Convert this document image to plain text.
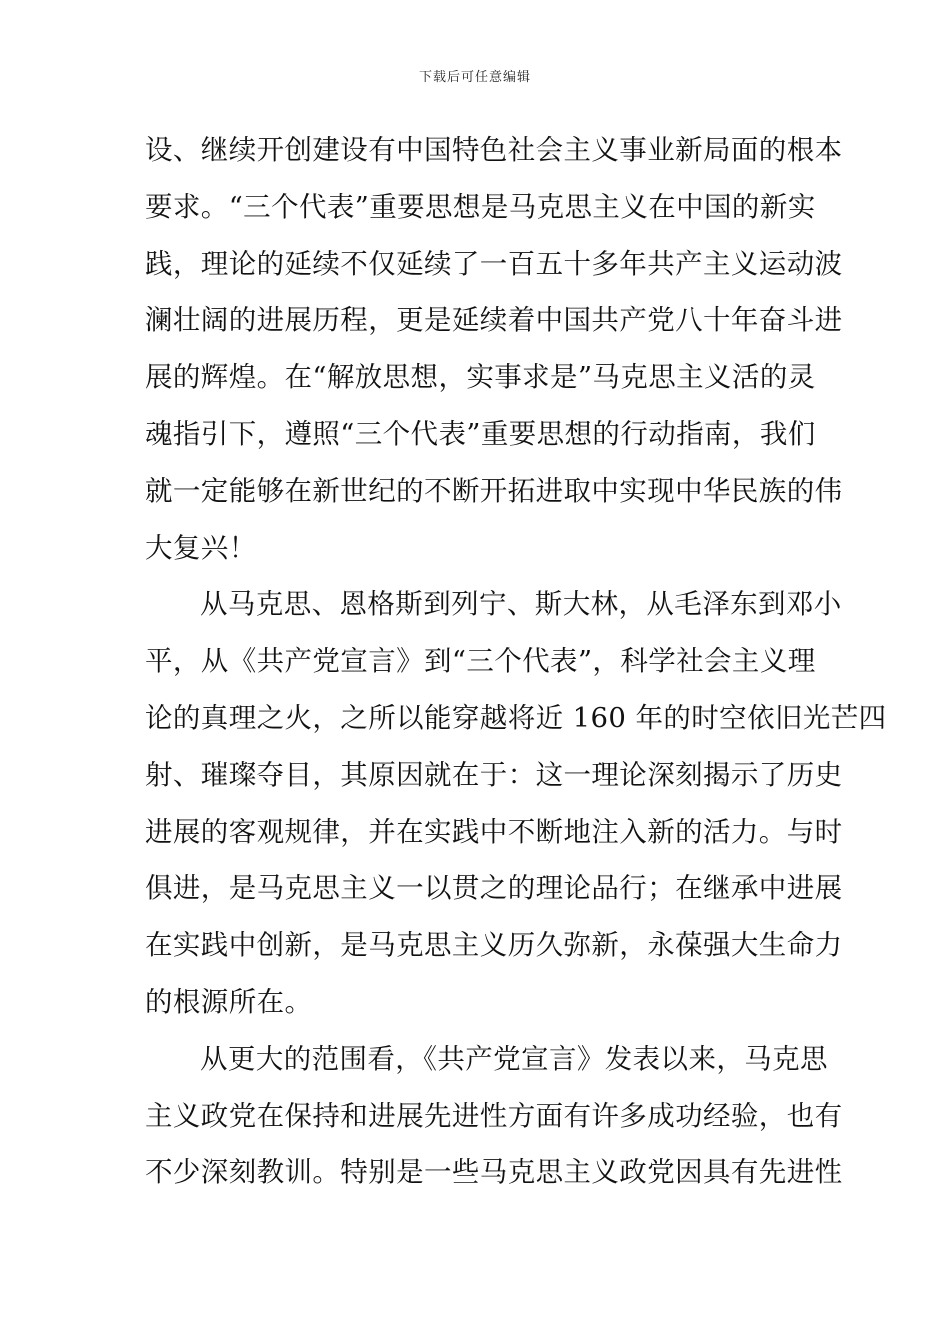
下载后可任意编辑
设、继续开创建设有中国特色社会主义事业新局面的根本
要求。“三个代表”重要思想是马克思主义在中国的新实
践，理论的延续不仅延续了一百五十多年共产主义运动波
澜壮阔的进展历程，更是延续着中国共产党八十年奋斗进
展的辉煌。在“解放思想，实事求是”马克思主义活的灵
魂指引下，遵照“三个代表”重要思想的行动指南，我们
就一定能够在新世纪的不断开拓进取中实现中华民族的伟
大复兴！
从马克思、恩格斯到列宁、斯大林，从毛泽东到邓小
平，从《共产党宣言》到“三个代表”，科学社会主义理
论的真理之火，之所以能穿越将近 160 年的时空依旧光芒四
射、璀璨夺目，其原因就在于：这一理论深刻揭示了历史
进展的客观规律，并在实践中不断地注入新的活力。与时
俱进，是马克思主义一以贯之的理论品行；在继承中进展
在实践中创新，是马克思主义历久弥新，永葆强大生命力
的根源所在。
从更大的范围看，《共产党宣言》发表以来，马克思
主义政党在保持和进展先进性方面有许多成功经验，也有
不少深刻教训。特别是一些马克思主义政党因具有先进性
